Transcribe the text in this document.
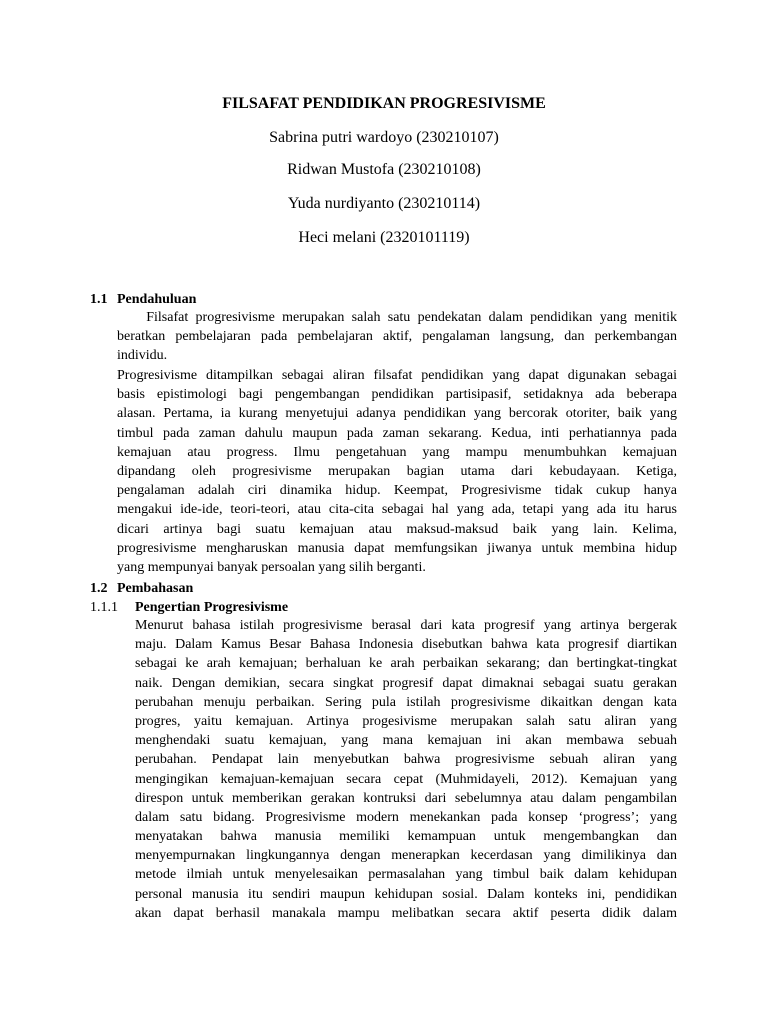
FILSAFAT PENDIDIKAN PROGRESIVISME
Sabrina putri wardoyo (230210107)
Ridwan Mustofa (230210108)
Yuda nurdiyanto (230210114)
Heci melani (2320101119)
1.1 Pendahuluan
Filsafat progresivisme merupakan salah satu pendekatan dalam pendidikan yang menitik
beratkan pembelajaran pada pembelajaran aktif, pengalaman langsung, dan perkembangan
individu.
Progresivisme ditampilkan sebagai aliran filsafat pendidikan yang dapat digunakan sebagai
basis epistimologi bagi pengembangan pendidikan partisipasif, setidaknya ada beberapa
alasan. Pertama, ia kurang menyetujui adanya pendidikan yang bercorak otoriter, baik yang
timbul pada zaman dahulu maupun pada zaman sekarang. Kedua, inti perhatiannya pada
kemajuan atau progress. Ilmu pengetahuan yang mampu menumbuhkan kemajuan
dipandang oleh progresivisme merupakan bagian utama dari kebudayaan. Ketiga,
pengalaman adalah ciri dinamika hidup. Keempat, Progresivisme tidak cukup hanya
mengakui ide-ide, teori-teori, atau cita-cita sebagai hal yang ada, tetapi yang ada itu harus
dicari artinya bagi suatu kemajuan atau maksud-maksud baik yang lain. Kelima,
progresivisme mengharuskan manusia dapat memfungsikan jiwanya untuk membina hidup
yang mempunyai banyak persoalan yang silih berganti.
1.2 Pembahasan
1.1.1 Pengertian Progresivisme
Menurut bahasa istilah progresivisme berasal dari kata progresif yang artinya bergerak
maju. Dalam Kamus Besar Bahasa Indonesia disebutkan bahwa kata progresif diartikan
sebagai ke arah kemajuan; berhaluan ke arah perbaikan sekarang; dan bertingkat-tingkat
naik. Dengan demikian, secara singkat progresif dapat dimaknai sebagai suatu gerakan
perubahan menuju perbaikan. Sering pula istilah progresivisme dikaitkan dengan kata
progres, yaitu kemajuan. Artinya progesivisme merupakan salah satu aliran yang
menghendaki suatu kemajuan, yang mana kemajuan ini akan membawa sebuah
perubahan. Pendapat lain menyebutkan bahwa progresivisme sebuah aliran yang
mengingikan kemajuan-kemajuan secara cepat (Muhmidayeli, 2012). Kemajuan yang
direspon untuk memberikan gerakan kontruksi dari sebelumnya atau dalam pengambilan
dalam satu bidang. Progresivisme modern menekankan pada konsep ‘progress’; yang
menyatakan bahwa manusia memiliki kemampuan untuk mengembangkan dan
menyempurnakan lingkungannya dengan menerapkan kecerdasan yang dimilikinya dan
metode ilmiah untuk menyelesaikan permasalahan yang timbul baik dalam kehidupan
personal manusia itu sendiri maupun kehidupan sosial. Dalam konteks ini, pendidikan
akan dapat berhasil manakala mampu melibatkan secara aktif peserta didik dalam
